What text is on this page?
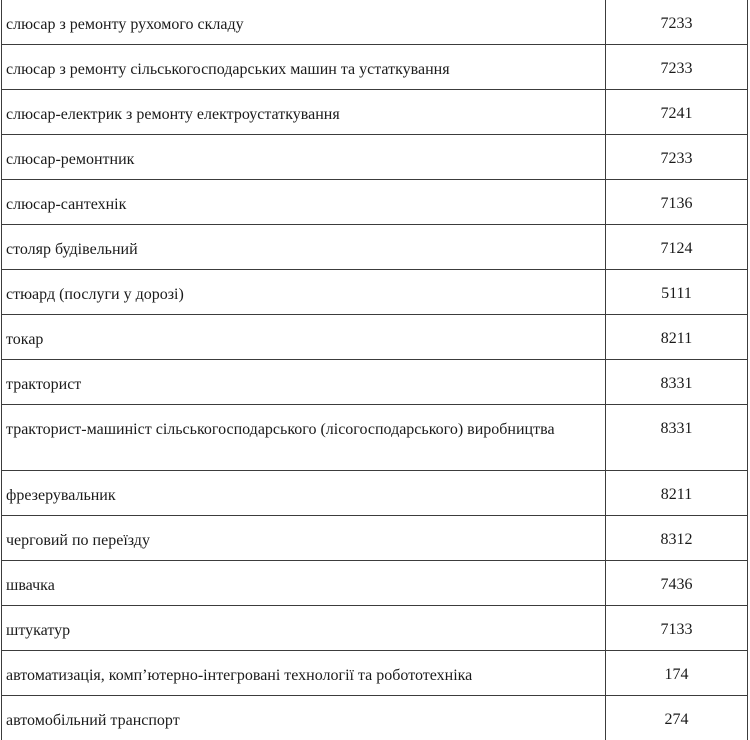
слюсар з ремонту рухомого складу	7233
слюсар з ремонту сільськогосподарських машин та устаткування	7233
слюсар-електрик з ремонту електроустаткування	7241
слюсар-ремонтник	7233
слюсар-сантехнік	7136
столяр будівельний	7124
стюард (послуги у дорозі)	5111
токар	8211
тракторист	8331
тракторист-машиніст сільськогосподарського (лісогосподарського) виробництва	8331
фрезерувальник	8211
черговий по переїзду	8312
швачка	7436
штукатур	7133
автоматизація, комп’ютерно-інтегровані технології та робототехніка	174
автомобільний транспорт	274
